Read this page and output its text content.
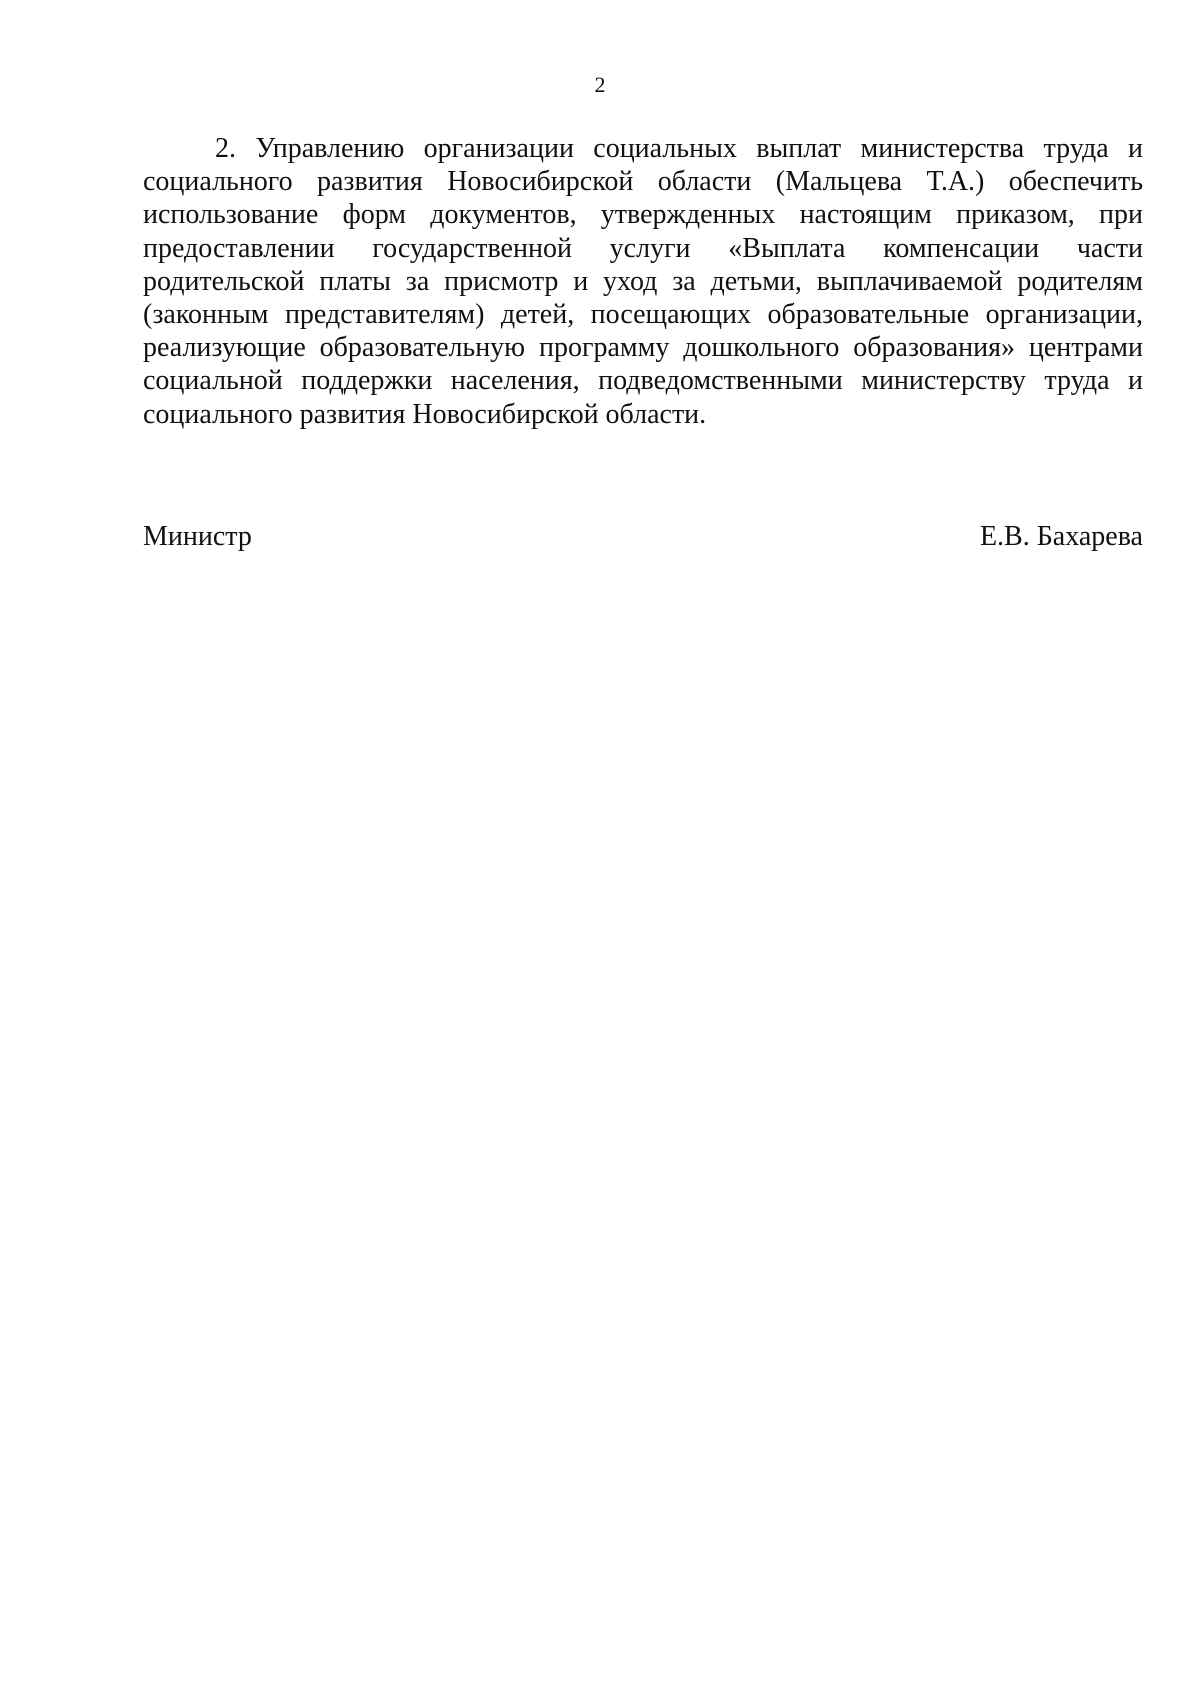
2

2. Управлению организации социальных выплат министерства труда и социального развития Новосибирской области (Мальцева Т.А.) обеспечить использование форм документов, утвержденных настоящим приказом, при предоставлении государственной услуги «Выплата компенсации части родительской платы за присмотр и уход за детьми, выплачиваемой родителям (законным представителям) детей, посещающих образовательные организации, реализующие образовательную программу дошкольного образования» центрами социальной поддержки населения, подведомственными министерству труда и социального развития Новосибирской области.

Министр	Е.В. Бахарева
